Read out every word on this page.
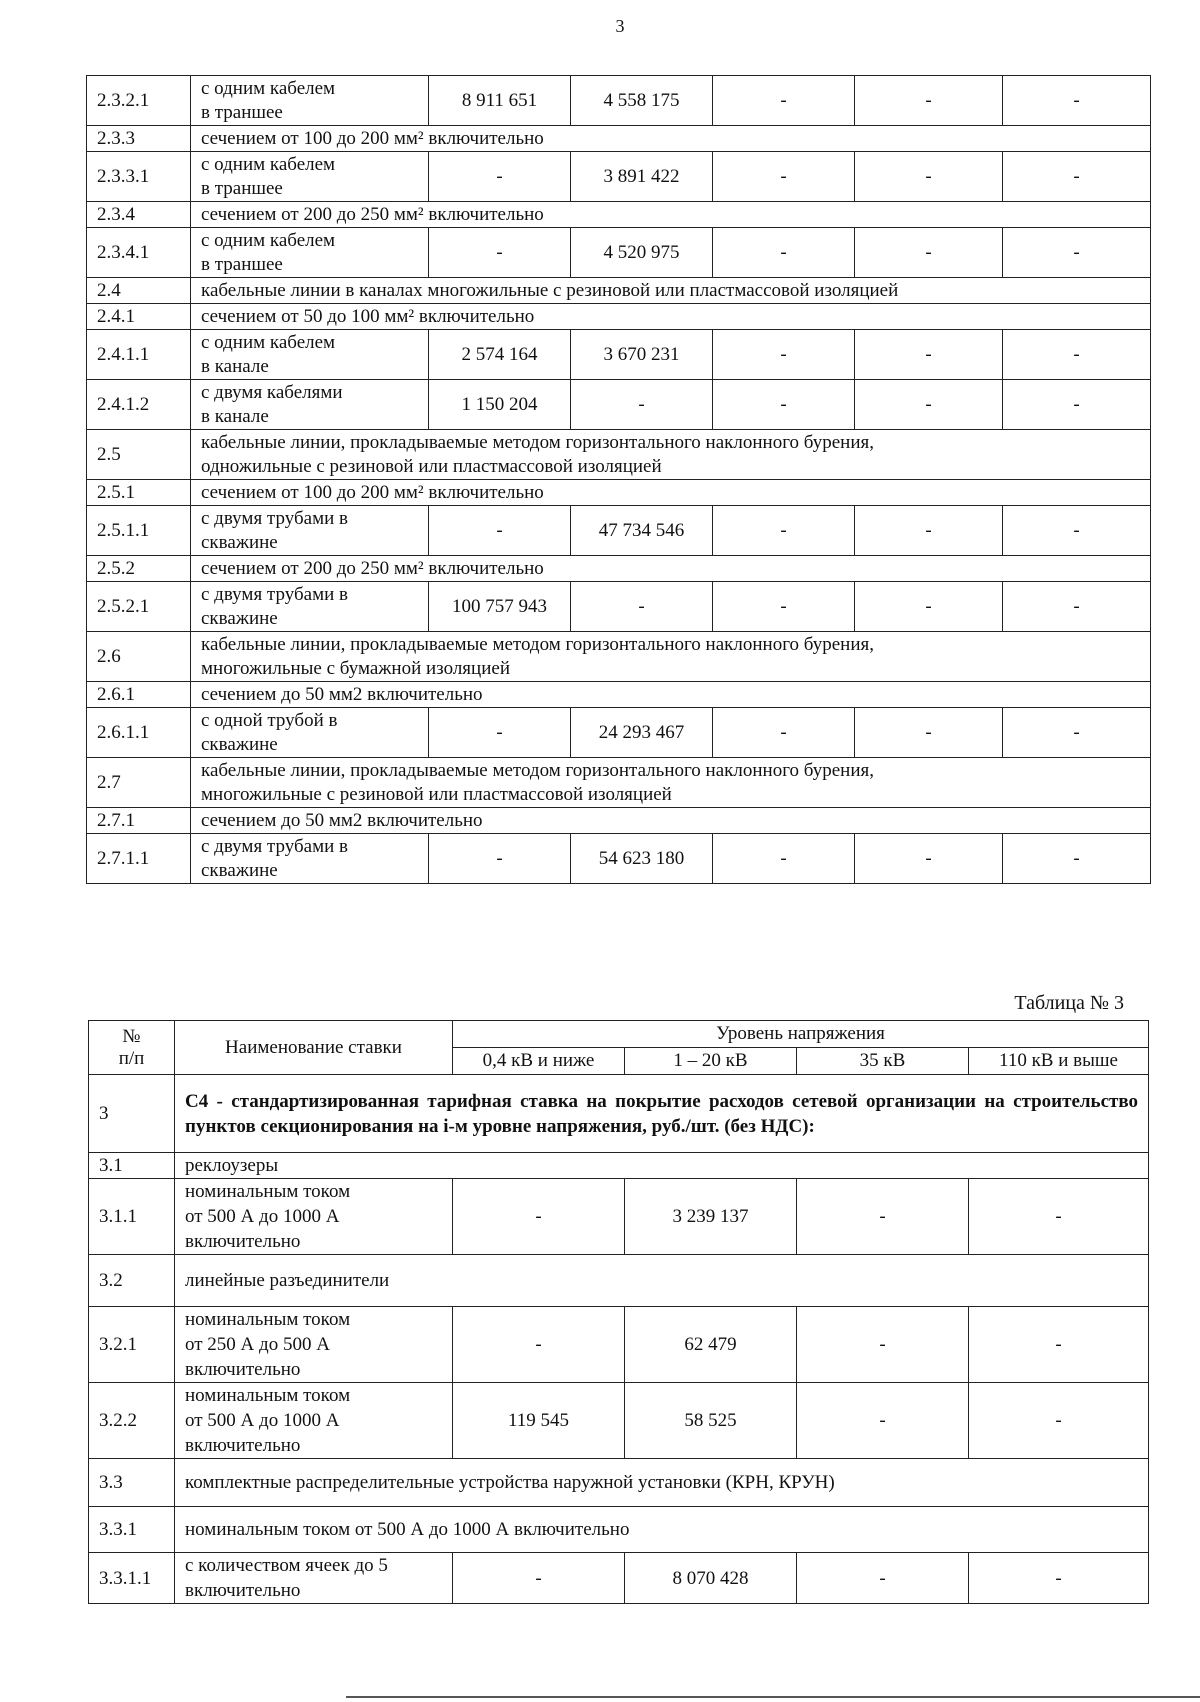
3
2.3.2.1	с одним кабелем
в траншее	8 911 651	4 558 175	-	-	-
2.3.3	сечением от 100 до 200 мм² включительно					
2.3.3.1	с одним кабелем
в траншее	-	3 891 422	-	-	-
2.3.4	сечением от 200 до 250 мм² включительно					
2.3.4.1	с одним кабелем
в траншее	-	4 520 975	-	-	-
2.4	кабельные линии в каналах многожильные с резиновой или пластмассовой изоляцией					
2.4.1	сечением от 50 до 100 мм² включительно					
2.4.1.1	с одним кабелем
в канале	2 574 164	3 670 231	-	-	-
2.4.1.2	с двумя кабелями
в канале	1 150 204	-	-	-	-
2.5	кабельные линии, прокладываемые методом горизонтального наклонного бурения,
одножильные с резиновой или пластмассовой изоляцией					
2.5.1	сечением от 100 до 200 мм² включительно					
2.5.1.1	с двумя трубами в
скважине	-	47 734 546	-	-	-
2.5.2	сечением от 200 до 250 мм² включительно					
2.5.2.1	с двумя трубами в
скважине	100 757 943	-	-	-	-
2.6	кабельные линии, прокладываемые методом горизонтального наклонного бурения,
многожильные с бумажной изоляцией					
2.6.1	сечением до 50 мм2 включительно					
2.6.1.1	с одной трубой в
скважине	-	24 293 467	-	-	-
2.7	кабельные линии, прокладываемые методом горизонтального наклонного бурения,
многожильные с резиновой или пластмассовой изоляцией					
2.7.1	сечением до 50 мм2 включительно					
2.7.1.1	с двумя трубами в
скважине	-	54 623 180	-	-	-
Таблица № 3
№
п/п	Наименование ставки	Уровень напряжения			
		0,4 кВ и ниже	1 – 20 кВ	35 кВ	110 кВ и выше
3	С4 - стандартизированная тарифная ставка на покрытие расходов сетевой организации на строительство пунктов секционирования на i-м уровне напряжения, руб./шт. (без НДС):				
3.1	реклоузеры				
3.1.1	номинальным током
от 500 А до 1000 А
включительно	-	3 239 137	-	-
3.2	линейные разъединители				
3.2.1	номинальным током
от 250 А до 500 А
включительно	-	62 479	-	-
3.2.2	номинальным током
от 500 А до 1000 А
включительно	119 545	58 525	-	-
3.3	комплектные распределительные устройства наружной установки (КРН, КРУН)				
3.3.1	номинальным током от 500 А до 1000 А включительно				
3.3.1.1	с количеством ячеек до 5
включительно	-	8 070 428	-	-
